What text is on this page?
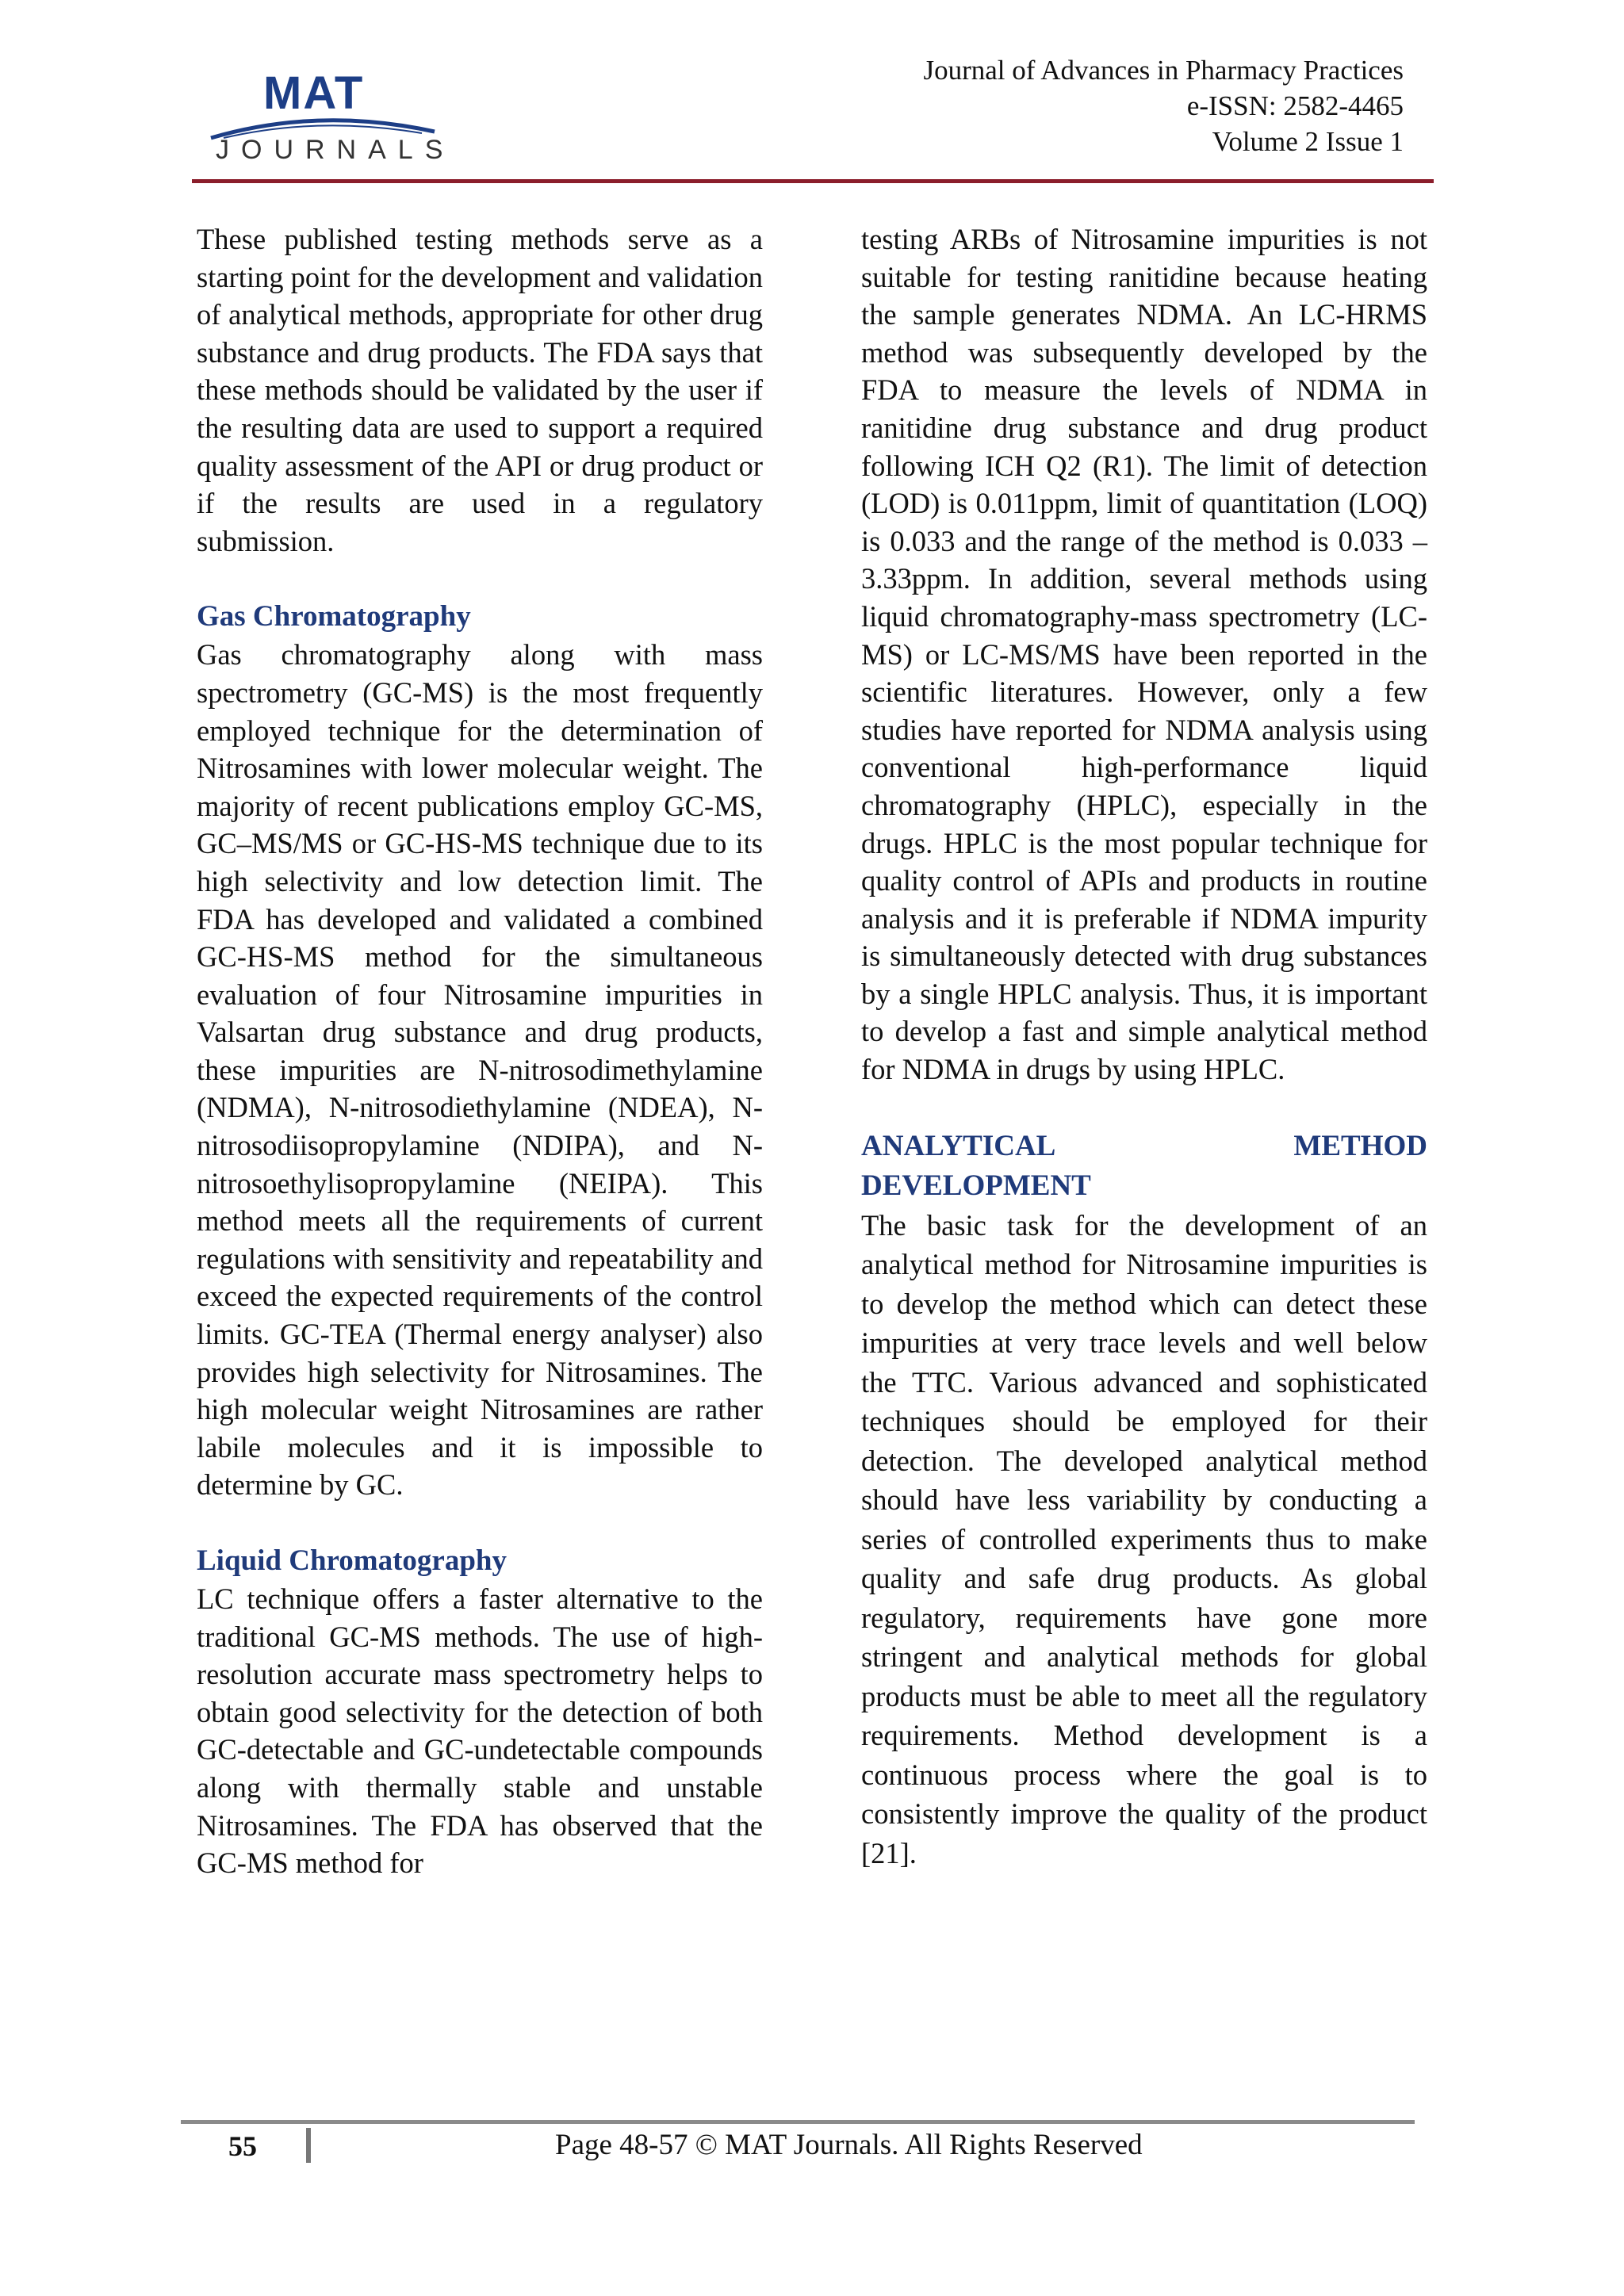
MAT
JOURNALS
Journal of Advances in Pharmacy Practices
e-ISSN: 2582-4465
Volume 2 Issue 1

These published testing methods serve as a starting point for the development and validation of analytical methods, appropriate for other drug substance and drug products. The FDA says that these methods should be validated by the user if the resulting data are used to support a required quality assessment of the API or drug product or if the results are used in a regulatory submission.

Gas Chromatography

Gas chromatography along with mass spectrometry (GC-MS) is the most frequently employed technique for the determination of Nitrosamines with lower molecular weight. The majority of recent publications employ GC-MS, GC–MS/MS or GC-HS-MS technique due to its high selectivity and low detection limit. The FDA has developed and validated a combined GC-HS-MS method for the simultaneous evaluation of four Nitrosamine impurities in Valsartan drug substance and drug products, these impurities are N-nitrosodimethylamine (NDMA), N-nitrosodiethylamine (NDEA), N-nitrosodiisopropylamine (NDIPA), and N-nitrosoethylisopropylamine (NEIPA). This method meets all the requirements of current regulations with sensitivity and repeatability and exceed the expected requirements of the control limits. GC-TEA (Thermal energy analyser) also provides high selectivity for Nitrosamines. The high molecular weight Nitrosamines are rather labile molecules and it is impossible to determine by GC.

Liquid Chromatography

LC technique offers a faster alternative to the traditional GC-MS methods. The use of high-resolution accurate mass spectrometry helps to obtain good selectivity for the detection of both GC-detectable and GC-undetectable compounds along with thermally stable and unstable Nitrosamines. The FDA has observed that the GC-MS method for

testing ARBs of Nitrosamine impurities is not suitable for testing ranitidine because heating the sample generates NDMA. An LC-HRMS method was subsequently developed by the FDA to measure the levels of NDMA in ranitidine drug substance and drug product following ICH Q2 (R1). The limit of detection (LOD) is 0.011ppm, limit of quantitation (LOQ) is 0.033 and the range of the method is 0.033 – 3.33ppm. In addition, several methods using liquid chromatography-mass spectrometry (LC-MS) or LC-MS/MS have been reported in the scientific literatures. However, only a few studies have reported for NDMA analysis using conventional high-performance liquid chromatography (HPLC), especially in the drugs. HPLC is the most popular technique for quality control of APIs and products in routine analysis and it is preferable if NDMA impurity is simultaneously detected with drug substances by a single HPLC analysis. Thus, it is important to develop a fast and simple analytical method for NDMA in drugs by using HPLC.

ANALYTICAL METHOD DEVELOPMENT

The basic task for the development of an analytical method for Nitrosamine impurities is to develop the method which can detect these impurities at very trace levels and well below the TTC. Various advanced and sophisticated techniques should be employed for their detection. The developed analytical method should have less variability by conducting a series of controlled experiments thus to make quality and safe drug products. As global regulatory, requirements have gone more stringent and analytical methods for global products must be able to meet all the regulatory requirements. Method development is a continuous process where the goal is to consistently improve the quality of the product [21].

55	Page 48-57 © MAT Journals. All Rights Reserved
